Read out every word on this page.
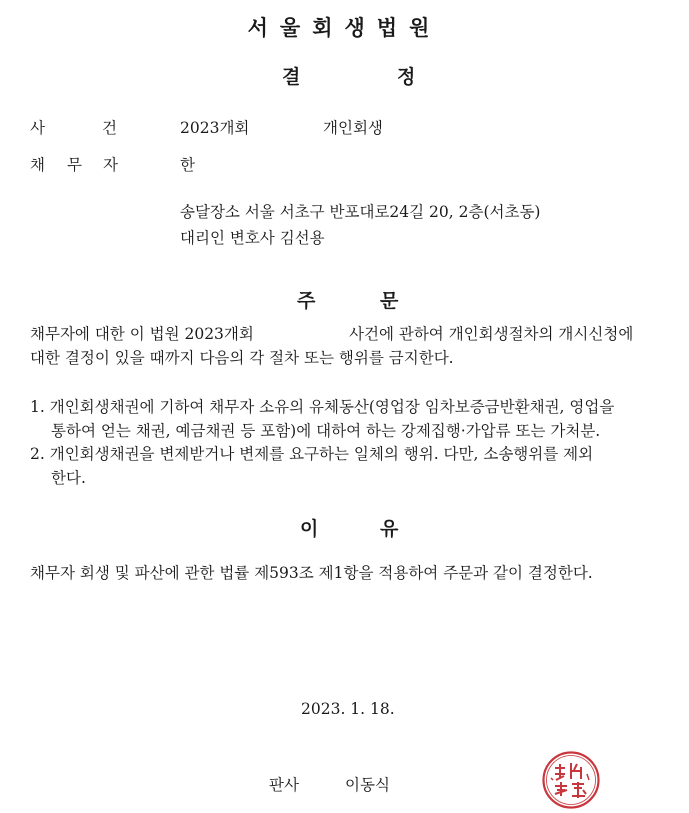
서울회생법원
결	정
사	건	2023개회	개인회생
채 무 자	한
송달장소 서울 서초구 반포대로24길 20, 2층(서초동)
대리인 변호사 김선용
주	문
채무자에 대한 이 법원 2023개회	사건에 관하여 개인회생절차의 개시신청에
대한 결정이 있을 때까지 다음의 각 절차 또는 행위를 금지한다.
1. 개인회생채권에 기하여 채무자 소유의 유체동산(영업장 임차보증금반환채권, 영업을
통하여 얻는 채권, 예금채권 등 포함)에 대하여 하는 강제집행·가압류 또는 가처분.
2. 개인회생채권을 변제받거나 변제를 요구하는 일체의 행위. 다만, 소송행위를 제외
한다.
이	유
채무자 회생 및 파산에 관한 법률 제593조 제1항을 적용하여 주문과 같이 결정한다.
2023. 1. 18.
판사	이동식
